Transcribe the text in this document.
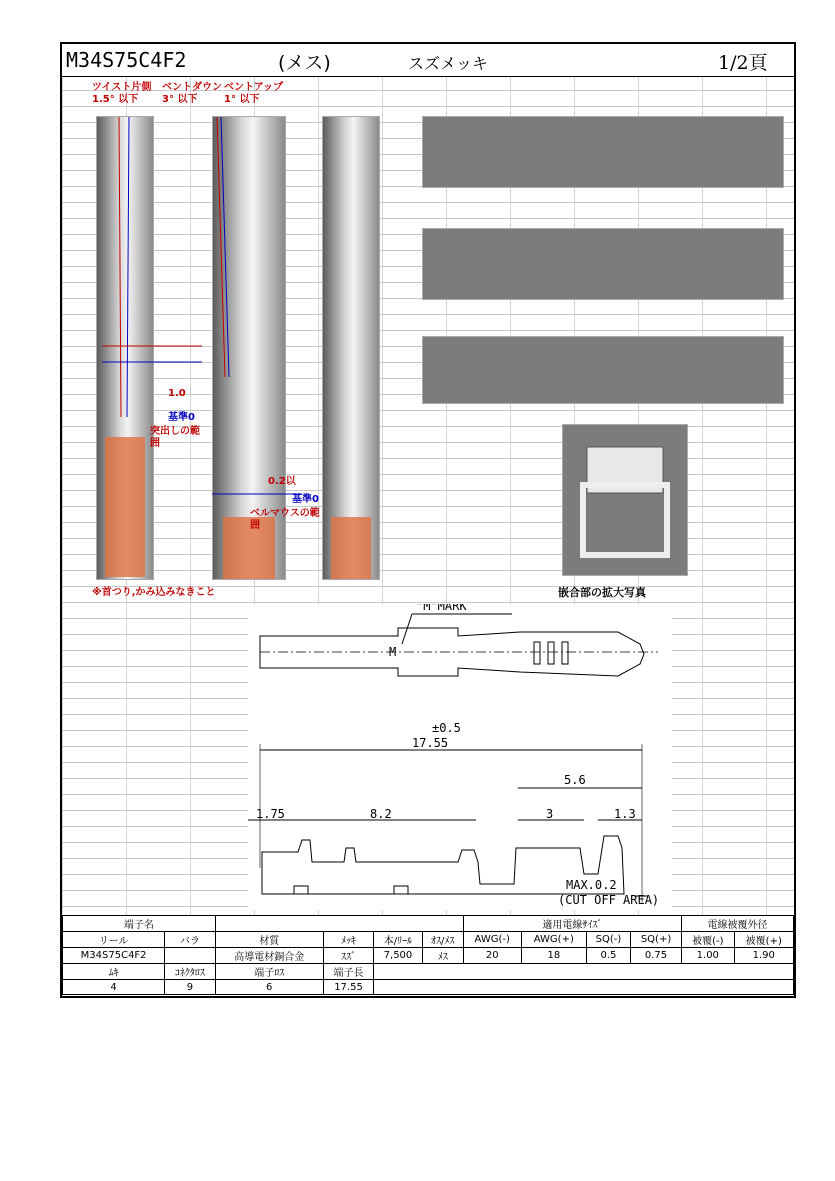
M34S75C4F2	(メス)	スズメッキ	1/2頁
ツイスト片側
1.5° 以下
ベントダウン
3° 以下
ベントアップ
1° 以下
1.0
基準0
突出しの範囲
0.2以
基準0
ベルマウスの範囲
※首つり,かみ込みなきこと	嵌合部の拡大写真
"M"MARK
M
±0.5
17.55
5.6
1.75	8.2	3	1.3
MAX.0.2
(CUT OFF AREA)
端子名						適用電線ｻｲｽﾞ				電線被覆外径	
リール	バラ	材質	ﾒｯｷ	本/ﾘｰﾙ	ｵｽ/ﾒｽ	AWG(-)	AWG(+)	SQ(-)	SQ(+)	被覆(-)	被覆(+)
M34S75C4F2		高導電材銅合金	ｽｽﾞ	7,500	ﾒｽ	20	18	0.5	0.75	1.00	1.90
ﾑｷ	ｺﾈｸﾀﾛｽ	端子ﾛｽ	端子長								
4	9	6	17.55								
